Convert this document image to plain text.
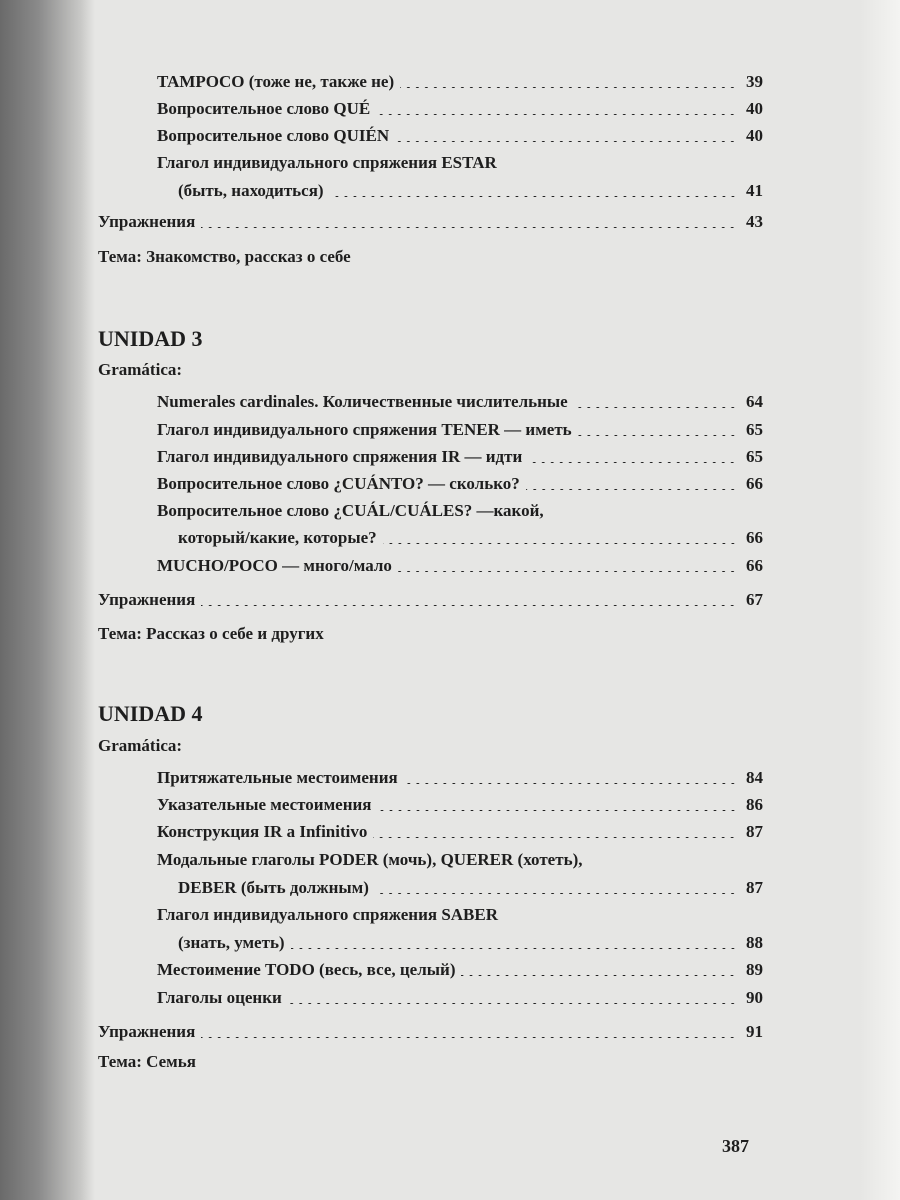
TAMPOCO (тоже не, также не)	39
Вопросительное слово QUÉ	40
Вопросительное слово QUIÉN	40
Глагол индивидуального спряжения ESTAR
(быть, находиться)	41
Упражнения	43
Тема: Знакомство, рассказ о себе
UNIDAD 3
Gramática:
Numerales cardinales. Количественные числительные	64
Глагол индивидуального спряжения TENER — иметь	65
Глагол индивидуального спряжения IR — идти	65
Вопросительное слово ¿CUÁNTO? — сколько?	66
Вопросительное слово ¿CUÁL/CUÁLES? —какой,
который/какие, которые?	66
MUCHO/POCO — много/мало	66
Упражнения	67
Тема: Рассказ о себе и других
UNIDAD 4
Gramática:
Притяжательные местоимения	84
Указательные местоимения	86
Конструкция IR a Infinitivo	87
Модальные глаголы PODER (мочь), QUERER (хотеть),
DEBER (быть должным)	87
Глагол индивидуального спряжения SABER
(знать, уметь)	88
Местоимение TODO (весь, все, целый)	89
Глаголы оценки	90
Упражнения	91
Тема: Семья
387
